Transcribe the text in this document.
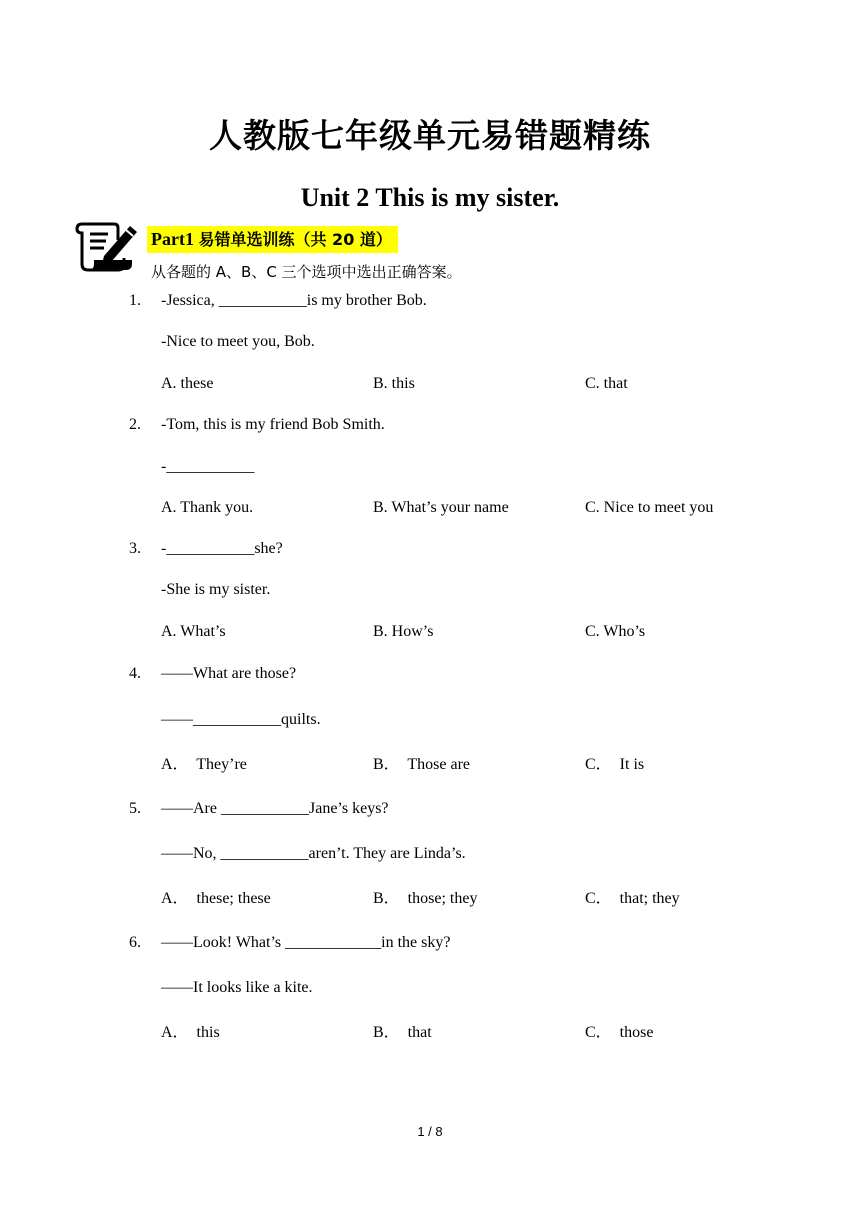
人教版七年级单元易错题精练
Unit 2 This is my sister.
Part1 易错单选训练（共 20 道）
从各题的 A、B、C 三个选项中选出正确答案。
1. -Jessica, ___________is my brother Bob.
-Nice to meet you, Bob.
A. these	B. this	C. that
2. -Tom, this is my friend Bob Smith.
-___________
A. Thank you.	B. What’s your name	C. Nice to meet you
3. -___________she?
-She is my sister.
A. What’s	B. How’s	C. Who’s
4. ——What are those?
——___________quilts.
A．  They’re	B．  Those are	C．  It is
5. ——Are ___________Jane’s keys?
——No, ___________aren’t. They are Linda’s.
A．  these; these	B．  those; they	C．  that; they
6. ——Look! What’s ____________in the sky?
——It looks like a kite.
A．  this	B．  that	C．  those
1 / 8
